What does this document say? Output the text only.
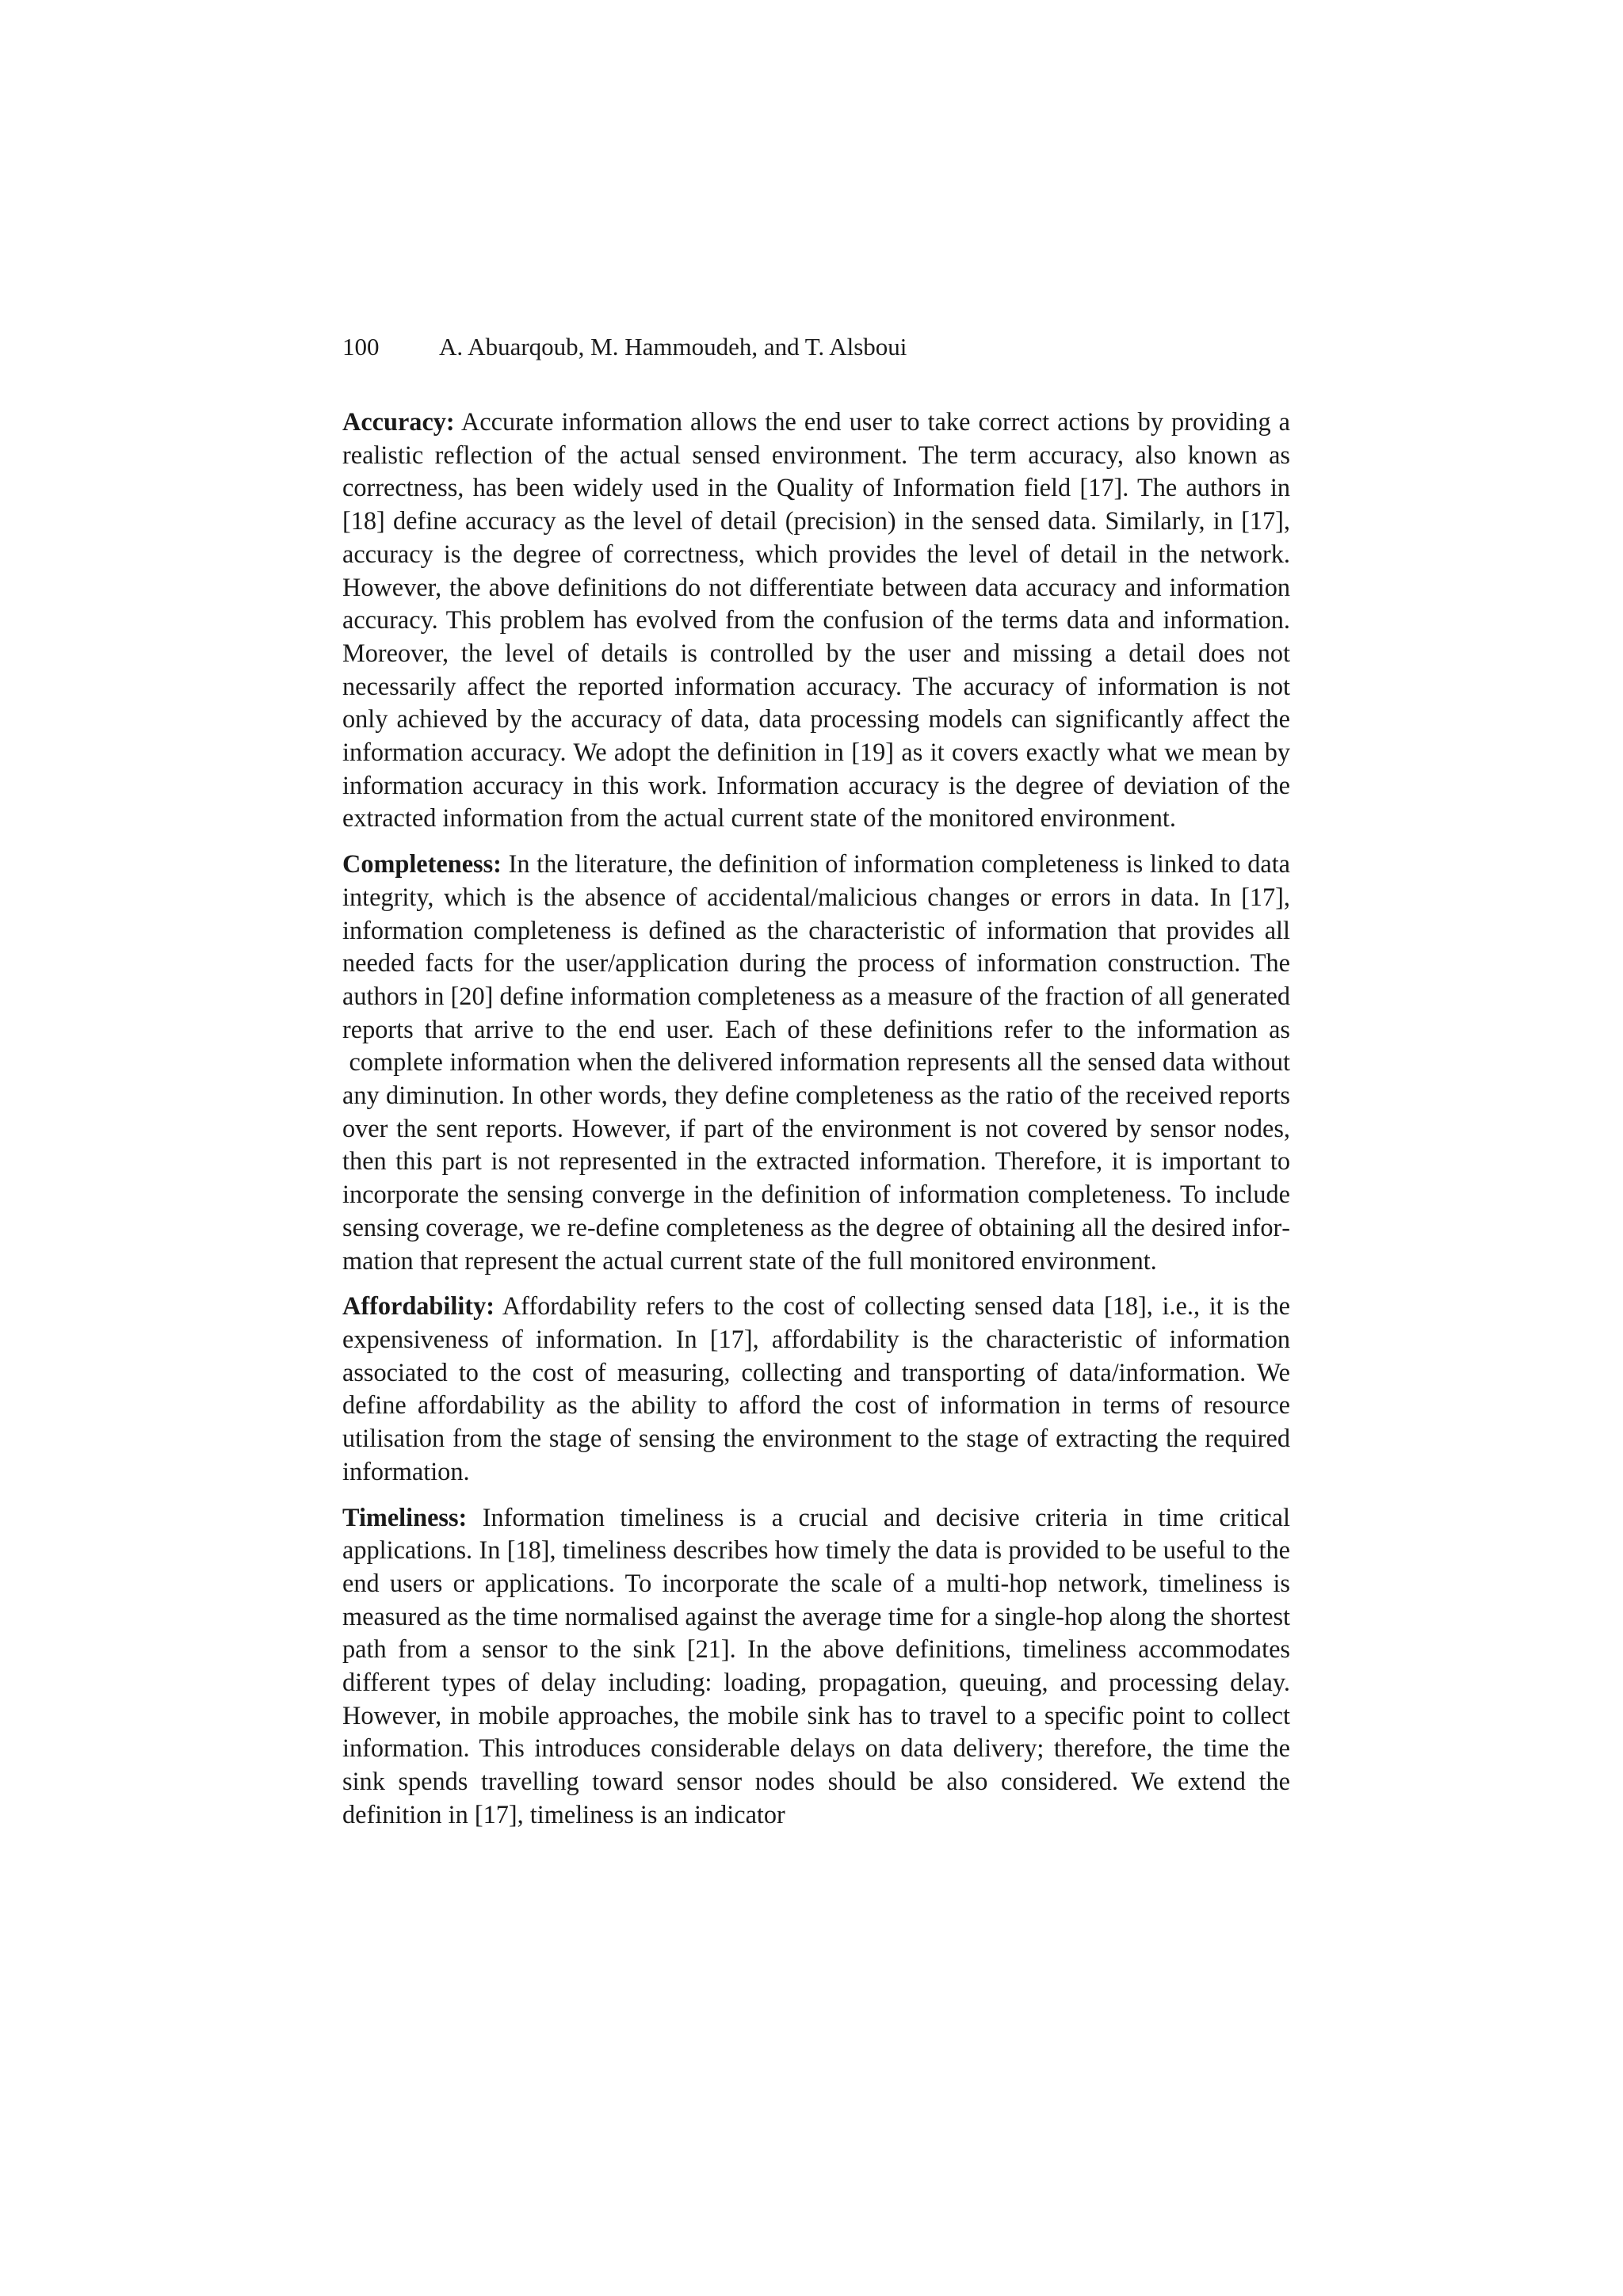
100 A. Abuarqoub, M. Hammoudeh, and T. Alsboui

Accuracy: Accurate information allows the end user to take correct actions by providing a realistic reflection of the actual sensed environment. The term accuracy, also known as correctness, has been widely used in the Quality of Information field [17]. The authors in [18] define accuracy as the level of detail (precision) in the sensed data. Similarly, in [17], accuracy is the degree of correctness, which provides the level of detail in the network. However, the above definitions do not differentiate between data accuracy and information accuracy. This problem has evolved from the confusion of the terms data and information. Moreover, the level of details is controlled by the user and missing a detail does not necessarily affect the reported information accuracy. The accuracy of information is not only achieved by the accuracy of data, data processing models can significantly affect the information accuracy. We adopt the definition in [19] as it covers exactly what we mean by information accuracy in this work. Information accuracy is the degree of deviation of the extracted information from the actual current state of the monitored environment.

Completeness: In the literature, the definition of information completeness is linked to data integrity, which is the absence of accidental/malicious changes or errors in data. In [17], information completeness is defined as the characteristic of information that provides all needed facts for the user/application during the process of information construction. The authors in [20] define information completeness as a measure of the fraction of all generated reports that arrive to the end user. Each of these definitions refer to the information as  complete information when the delivered information represents all the sensed data without any diminution. In other words, they define completeness as the ratio of the received reports over the sent reports. However, if part of the environment is not covered by sensor nodes, then this part is not represented in the extracted information. Therefore, it is important to incorporate the sensing converge in the definition of information completeness. To include sensing coverage, we re-define completeness as the degree of obtaining all the desired information that represent the actual current state of the full monitored environment.

Affordability: Affordability refers to the cost of collecting sensed data [18], i.e., it is the expensiveness of information. In [17], affordability is the characteristic of information associated to the cost of measuring, collecting and transporting of data/information. We define affordability as the ability to afford the cost of information in terms of resource utilisation from the stage of sensing the environment to the stage of extracting the required information.

Timeliness: Information timeliness is a crucial and decisive criteria in time critical applications. In [18], timeliness describes how timely the data is provided to be useful to the end users or applications. To incorporate the scale of a multi-hop network, timeliness is measured as the time normalised against the average time for a single-hop along the shortest path from a sensor to the sink [21]. In the above definitions, timeliness accommodates different types of delay including: loading, propagation, queuing, and processing delay. However, in mobile approaches, the mobile sink has to travel to a specific point to collect information. This introduces considerable delays on data delivery; therefore, the time the sink spends travelling toward sensor nodes should be also considered. We extend the definition in [17], timeliness is an indicator
